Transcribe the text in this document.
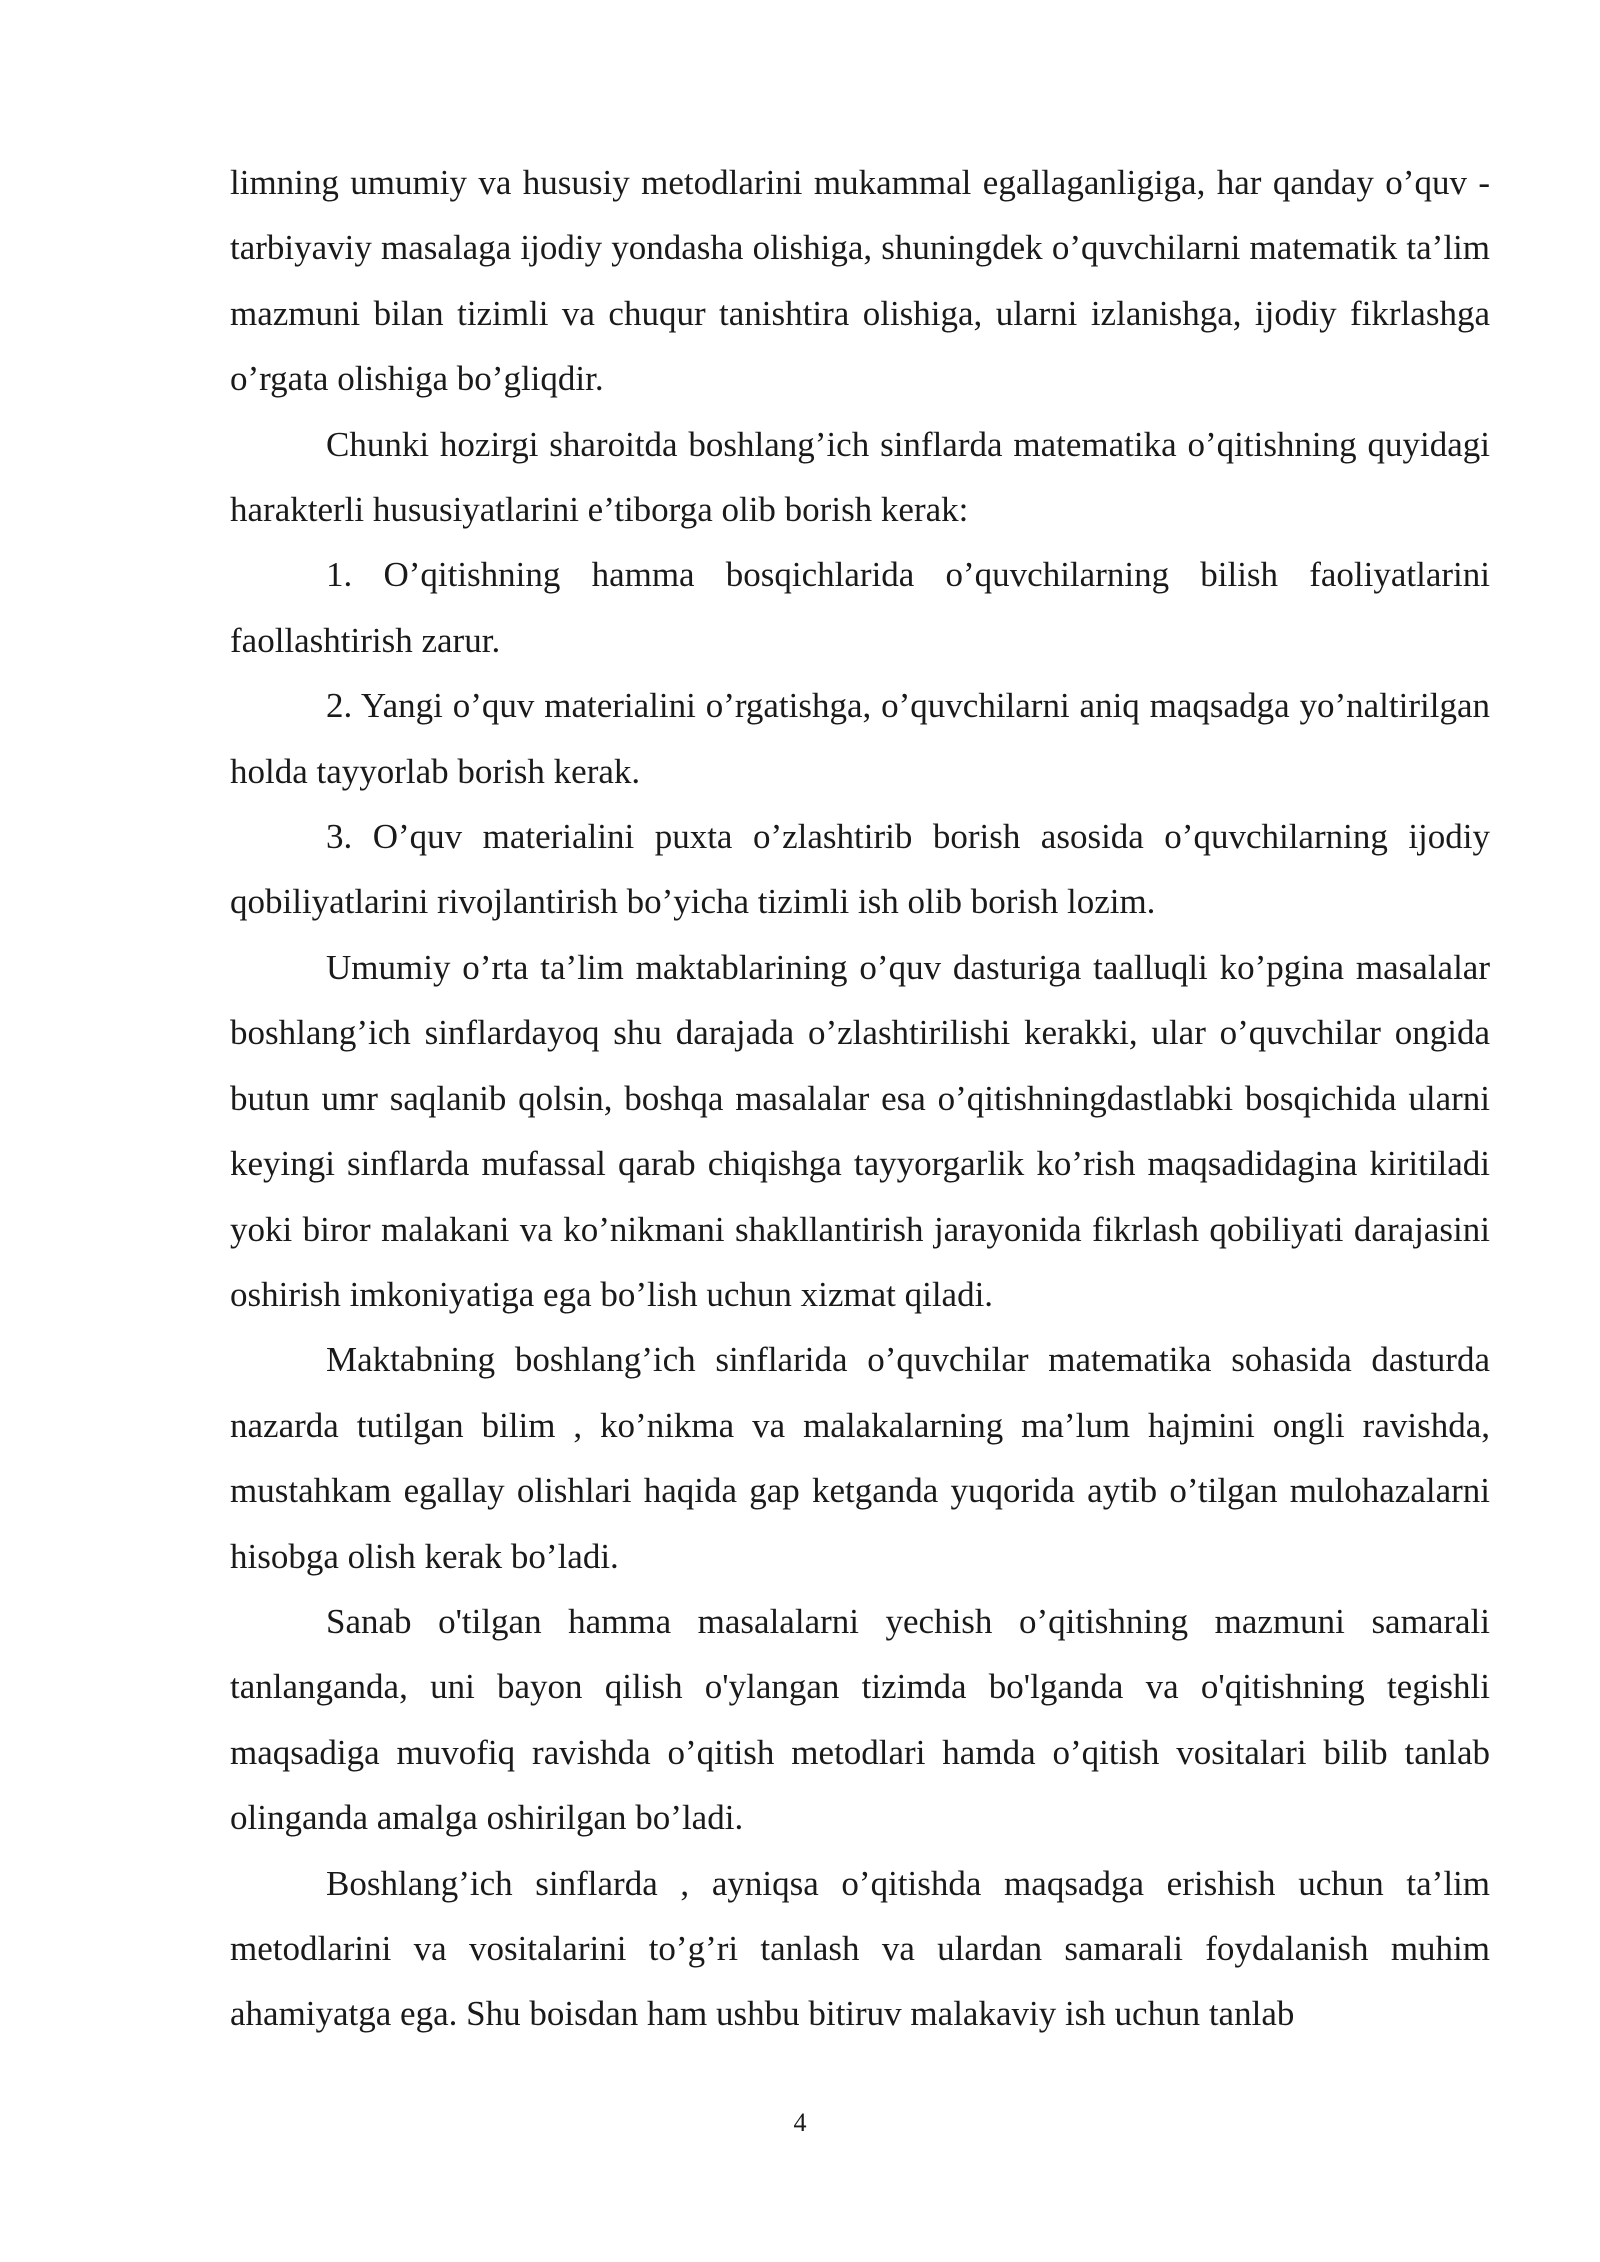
limning umumiy va hususiy metodlarini mukammal egallaganligiga, har qanday o’quv - tarbiyaviy masalaga ijodiy yondasha olishiga, shuningdek o’quvchilarni matematik ta’lim mazmuni bilan tizimli va chuqur tanishtira olishiga, ularni izlanishga, ijodiy fikrlashga o’rgata olishiga bo’gliqdir.

Chunki hozirgi sharoitda boshlang’ich sinflarda matematika o’qitishning quyidagi harakterli hususiyatlarini e’tiborga olib borish kerak:

1. O’qitishning hamma bosqichlarida o’quvchilarning bilish faoliyatlarini faollashtirish zarur.

2. Yangi o’quv materialini o’rgatishga, o’quvchilarni aniq maqsadga yo’naltirilgan holda tayyorlab borish kerak.

3. O’quv materialini puxta o’zlashtirib borish asosida o’quvchilarning ijodiy qobiliyatlarini rivojlantirish bo’yicha tizimli ish olib borish lozim.

Umumiy o’rta ta’lim maktablarining o’quv dasturiga taalluqli ko’pgina masalalar boshlang’ich sinflardayoq shu darajada o’zlashtirilishi kerakki, ular o’quvchilar ongida butun umr saqlanib qolsin, boshqa masalalar esa o’qitishningdastlabki bosqichida ularni keyingi sinflarda mufassal qarab chiqishga tayyorgarlik ko’rish maqsadidagina kiritiladi yoki biror malakani va ko’nikmani shakllantirish jarayonida fikrlash qobiliyati darajasini oshirish imkoniyatiga ega bo’lish uchun xizmat qiladi.

Maktabning boshlang’ich sinflarida o’quvchilar matematika sohasida dasturda nazarda tutilgan bilim , ko’nikma va malakalarning ma’lum hajmini ongli ravishda, mustahkam egallay olishlari haqida gap ketganda yuqorida aytib o’tilgan mulohazalarni hisobga olish kerak bo’ladi.

Sanab o'tilgan hamma masalalarni yechish o’qitishning mazmuni samarali tanlanganda, uni bayon qilish o'ylangan tizimda bo'lganda va o'qitishning tegishli maqsadiga muvofiq ravishda o’qitish metodlari hamda o’qitish vositalari bilib tanlab olinganda amalga oshirilgan bo’ladi.

Boshlang’ich sinflarda , ayniqsa o’qitishda maqsadga erishish uchun ta’lim metodlarini va vositalarini to’g’ri tanlash va ulardan samarali foydalanish muhim ahamiyatga ega. Shu boisdan ham ushbu bitiruv malakaviy ish uchun tanlab

4
